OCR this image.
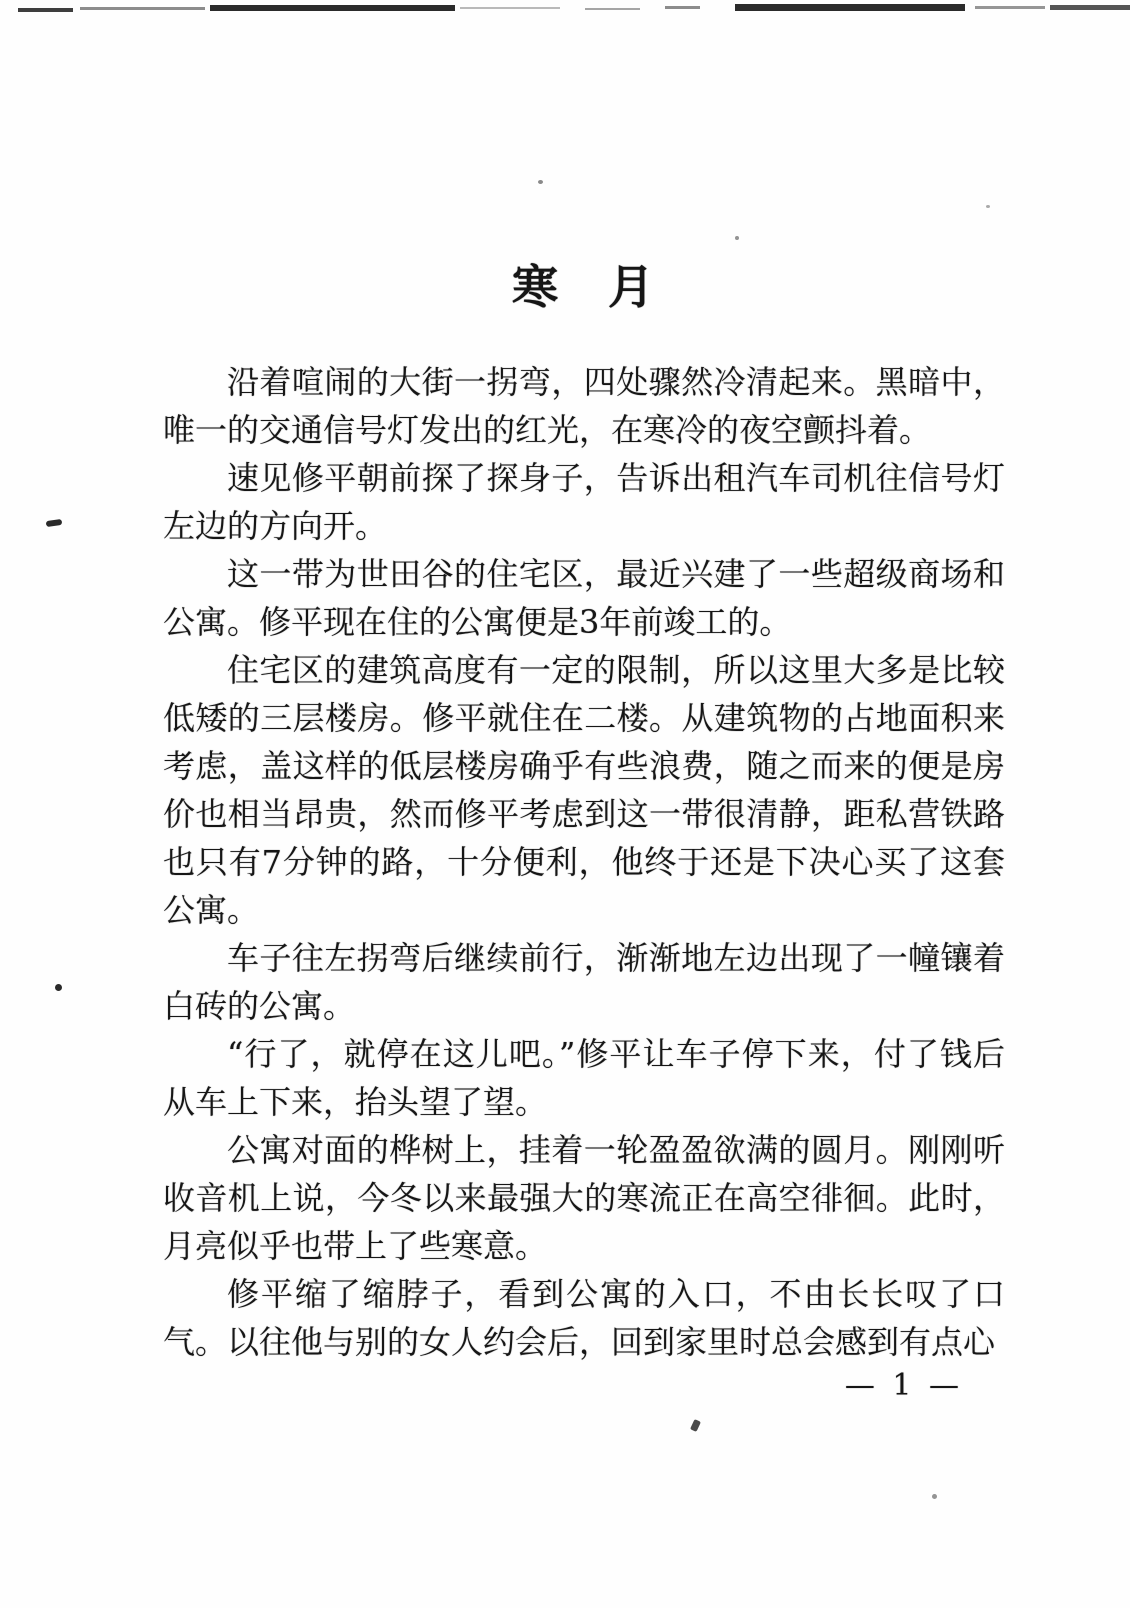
寒　月

沿着喧闹的大街一拐弯，四处骤然冷清起来。黑暗中，唯一的交通信号灯发出的红光，在寒冷的夜空颤抖着。

速见修平朝前探了探身子，告诉出租汽车司机往信号灯左边的方向开。

这一带为世田谷的住宅区，最近兴建了一些超级商场和公寓。修平现在住的公寓便是3年前竣工的。

住宅区的建筑高度有一定的限制，所以这里大多是比较低矮的三层楼房。修平就住在二楼。从建筑物的占地面积来考虑，盖这样的低层楼房确乎有些浪费，随之而来的便是房价也相当昂贵，然而修平考虑到这一带很清静，距私营铁路也只有7分钟的路，十分便利，他终于还是下决心买了这套公寓。

车子往左拐弯后继续前行，渐渐地左边出现了一幢镶着白砖的公寓。

“行了，就停在这儿吧。”修平让车子停下来，付了钱后从车上下来，抬头望了望。

公寓对面的桦树上，挂着一轮盈盈欲满的圆月。刚刚听收音机上说，今冬以来最强大的寒流正在高空徘徊。此时，月亮似乎也带上了些寒意。

修平缩了缩脖子，看到公寓的入口，不由长长叹了口气。以往他与别的女人约会后，回到家里时总会感到有点心

— 1 —
